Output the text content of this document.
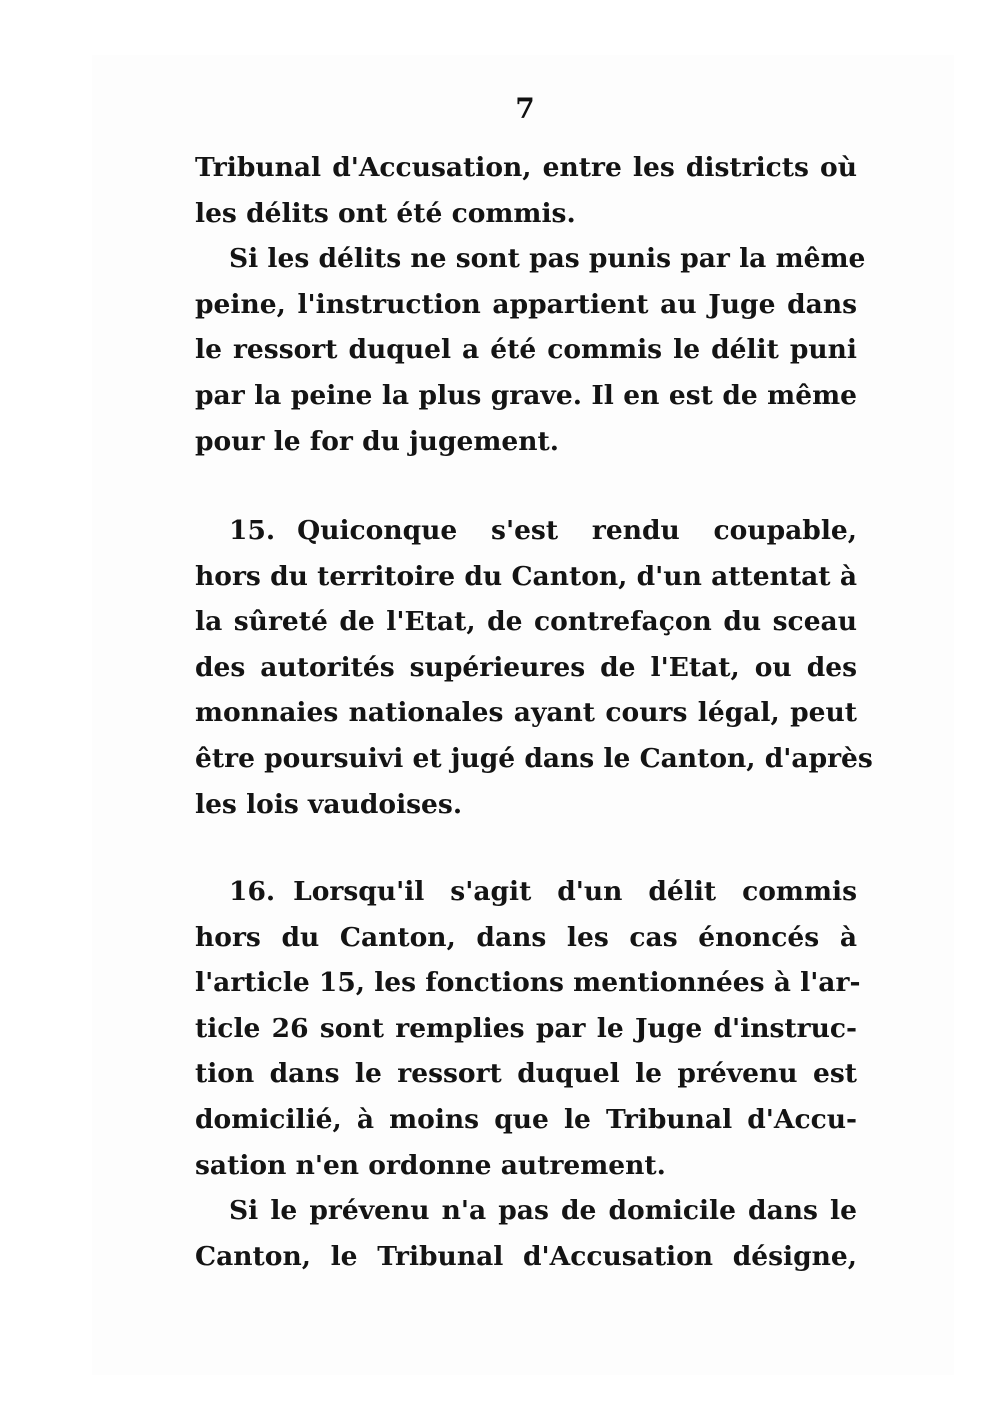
7

Tribunal d'Accusation, entre les districts où
les délits ont été commis.

Si les délits ne sont pas punis par la même
peine, l'instruction appartient au Juge dans
le ressort duquel a été commis le délit puni
par la peine la plus grave. Il en est de même
pour le for du jugement.

15. Quiconque s'est rendu coupable,
hors du territoire du Canton, d'un attentat à
la sûreté de l'Etat, de contrefaçon du sceau
des autorités supérieures de l'Etat, ou des
monnaies nationales ayant cours légal, peut
être poursuivi et jugé dans le Canton, d'après
les lois vaudoises.

16. Lorsqu'il s'agit d'un délit commis
hors du Canton, dans les cas énoncés à
l'article 15, les fonctions mentionnées à l'ar-
ticle 26 sont remplies par le Juge d'instruc-
tion dans le ressort duquel le prévenu est
domicilié, à moins que le Tribunal d'Accu-
sation n'en ordonne autrement.

Si le prévenu n'a pas de domicile dans le
Canton, le Tribunal d'Accusation désigne,
